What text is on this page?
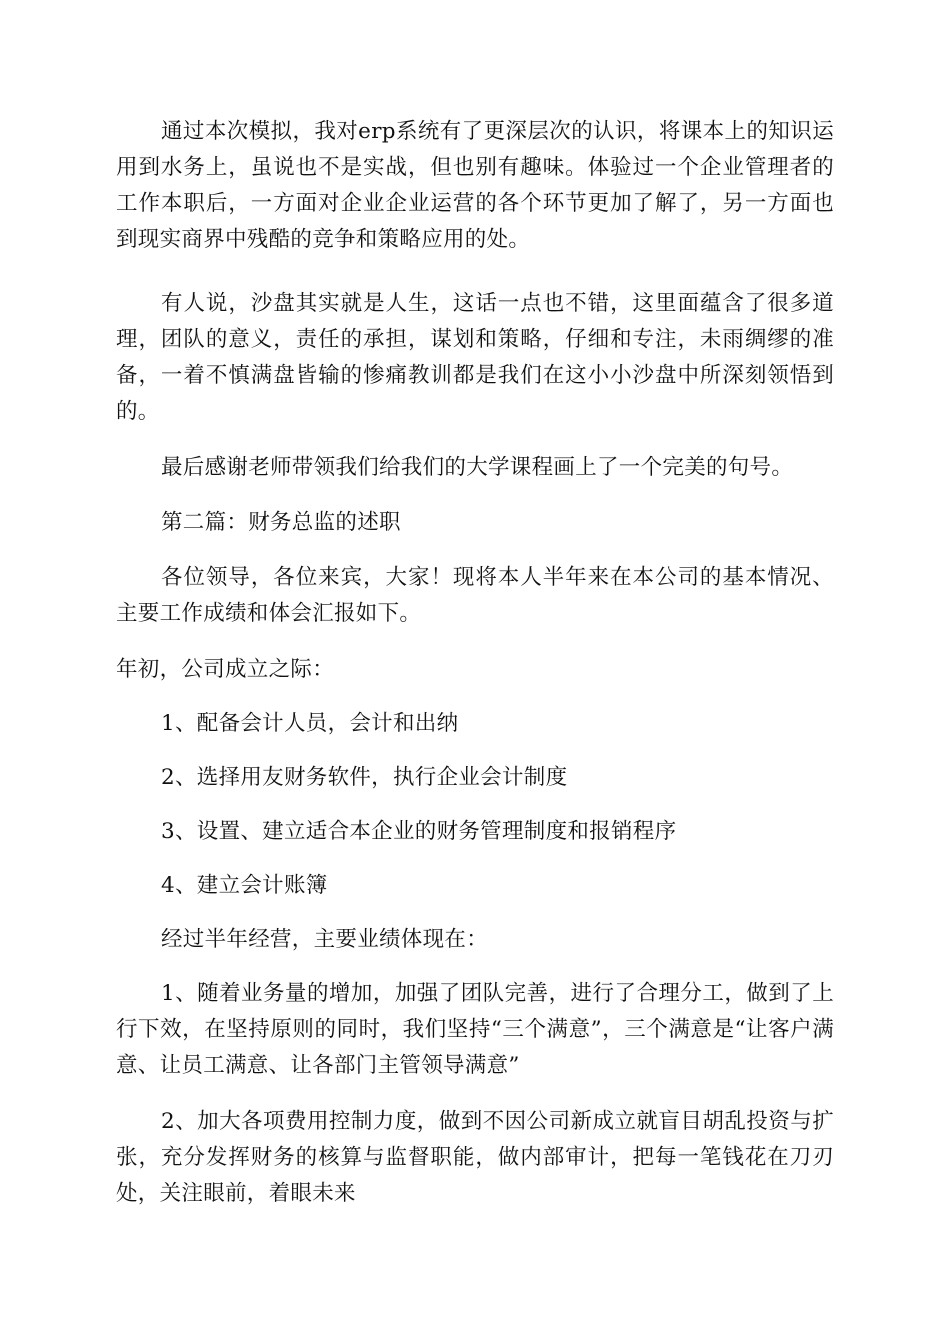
通过本次模拟，我对erp系统有了更深层次的认识，将课本上的知识运用到水务上，虽说也不是实战，但也别有趣味。体验过一个企业管理者的工作本职后，一方面对企业企业运营的各个环节更加了解了，另一方面也到现实商界中残酷的竞争和策略应用的处。

有人说，沙盘其实就是人生，这话一点也不错，这里面蕴含了很多道理，团队的意义，责任的承担，谋划和策略，仔细和专注，未雨绸缪的准备，一着不慎满盘皆输的惨痛教训都是我们在这小小沙盘中所深刻领悟到的。

最后感谢老师带领我们给我们的大学课程画上了一个完美的句号。

第二篇：财务总监的述职

各位领导，各位来宾，大家！现将本人半年来在本公司的基本情况、主要工作成绩和体会汇报如下。

年初，公司成立之际：

1、配备会计人员，会计和出纳

2、选择用友财务软件，执行企业会计制度

3、设置、建立适合本企业的财务管理制度和报销程序

4、建立会计账簿

经过半年经营，主要业绩体现在：

1、随着业务量的增加，加强了团队完善，进行了合理分工，做到了上行下效，在坚持原则的同时，我们坚持“三个满意”，三个满意是“让客户满意、让员工满意、让各部门主管领导满意”

2、加大各项费用控制力度，做到不因公司新成立就盲目胡乱投资与扩张，充分发挥财务的核算与监督职能，做内部审计，把每一笔钱花在刀刃处，关注眼前，着眼未来
